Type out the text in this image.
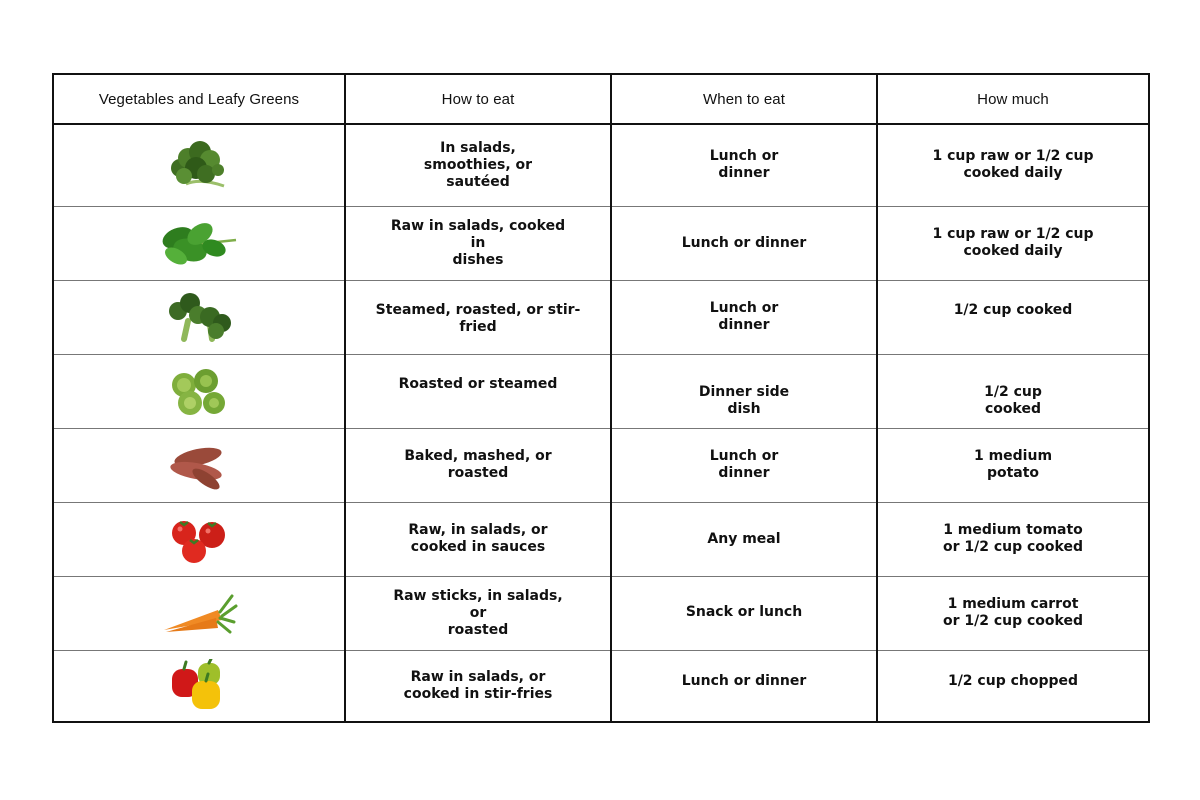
Vegetables and Leafy Greens	How to eat	When to eat	How much

	In salads,
smoothies, or
sautéed	Lunch or
dinner	1 cup raw or 1/2 cup
cooked daily

	Raw in salads, cooked in
dishes	Lunch or dinner	1 cup raw or 1/2 cup
cooked daily

	Steamed, roasted, or stir-fried	Lunch or
dinner	1/2 cup cooked

	Roasted or steamed	Dinner side
dish	1/2 cup
cooked

	Baked, mashed, or
roasted	Lunch or
dinner	1 medium
potato

	Raw, in salads, or
cooked in sauces	Any meal	1 medium tomato
or 1/2 cup cooked

	Raw sticks, in salads, or
roasted	Snack or lunch	1 medium carrot
or 1/2 cup cooked

	Raw in salads, or
cooked in stir-fries	Lunch or dinner	1/2 cup chopped
